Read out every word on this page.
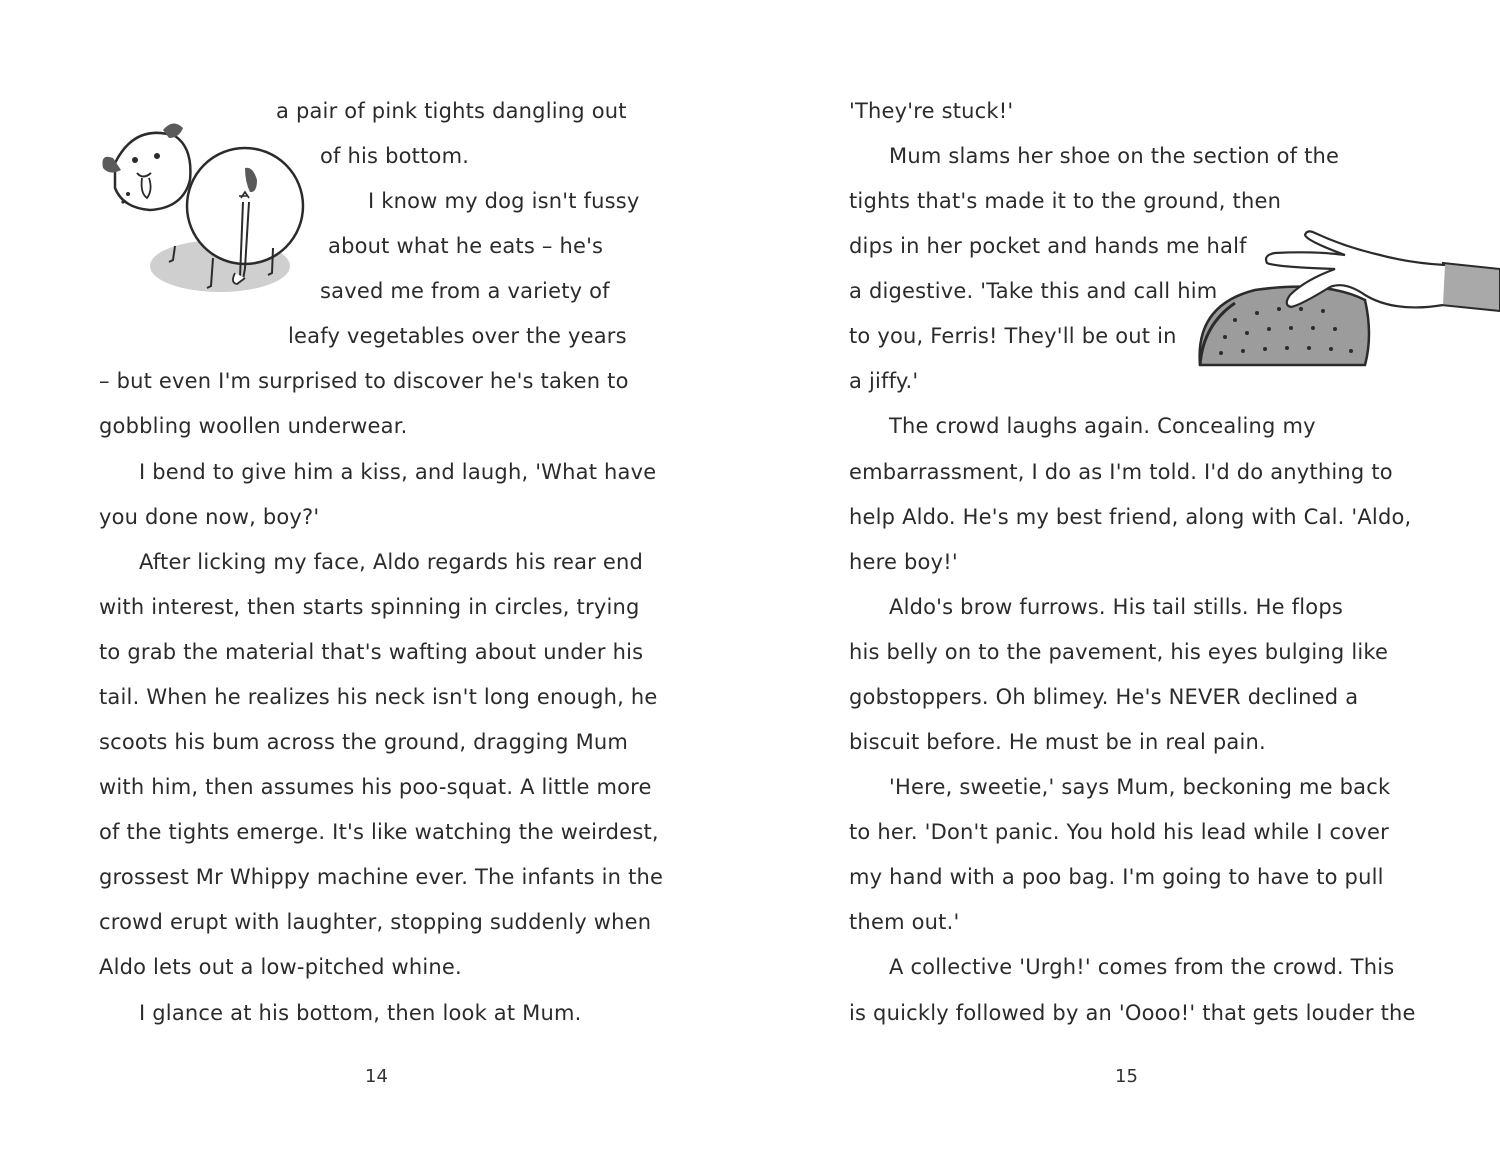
a pair of pink tights dangling out
of his bottom.
I know my dog isn't fussy
about what he eats – he's
saved me from a variety of
leafy vegetables over the years
– but even I'm surprised to discover he's taken to
gobbling woollen underwear.
I bend to give him a kiss, and laugh, 'What have
you done now, boy?'
After licking my face, Aldo regards his rear end
with interest, then starts spinning in circles, trying
to grab the material that's wafting about under his
tail. When he realizes his neck isn't long enough, he
scoots his bum across the ground, dragging Mum
with him, then assumes his poo-squat. A little more
of the tights emerge. It's like watching the weirdest,
grossest Mr Whippy machine ever. The infants in the
crowd erupt with laughter, stopping suddenly when
Aldo lets out a low-pitched whine.
I glance at his bottom, then look at Mum.
14
'They're stuck!'
Mum slams her shoe on the section of the
tights that's made it to the ground, then
dips in her pocket and hands me half
a digestive. 'Take this and call him
to you, Ferris! They'll be out in
a jiffy.'
The crowd laughs again. Concealing my
embarrassment, I do as I'm told. I'd do anything to
help Aldo. He's my best friend, along with Cal. 'Aldo,
here boy!'
Aldo's brow furrows. His tail stills. He flops
his belly on to the pavement, his eyes bulging like
gobstoppers. Oh blimey. He's NEVER declined a
biscuit before. He must be in real pain.
'Here, sweetie,' says Mum, beckoning me back
to her. 'Don't panic. You hold his lead while I cover
my hand with a poo bag. I'm going to have to pull
them out.'
A collective 'Urgh!' comes from the crowd. This
is quickly followed by an 'Oooo!' that gets louder the
15
